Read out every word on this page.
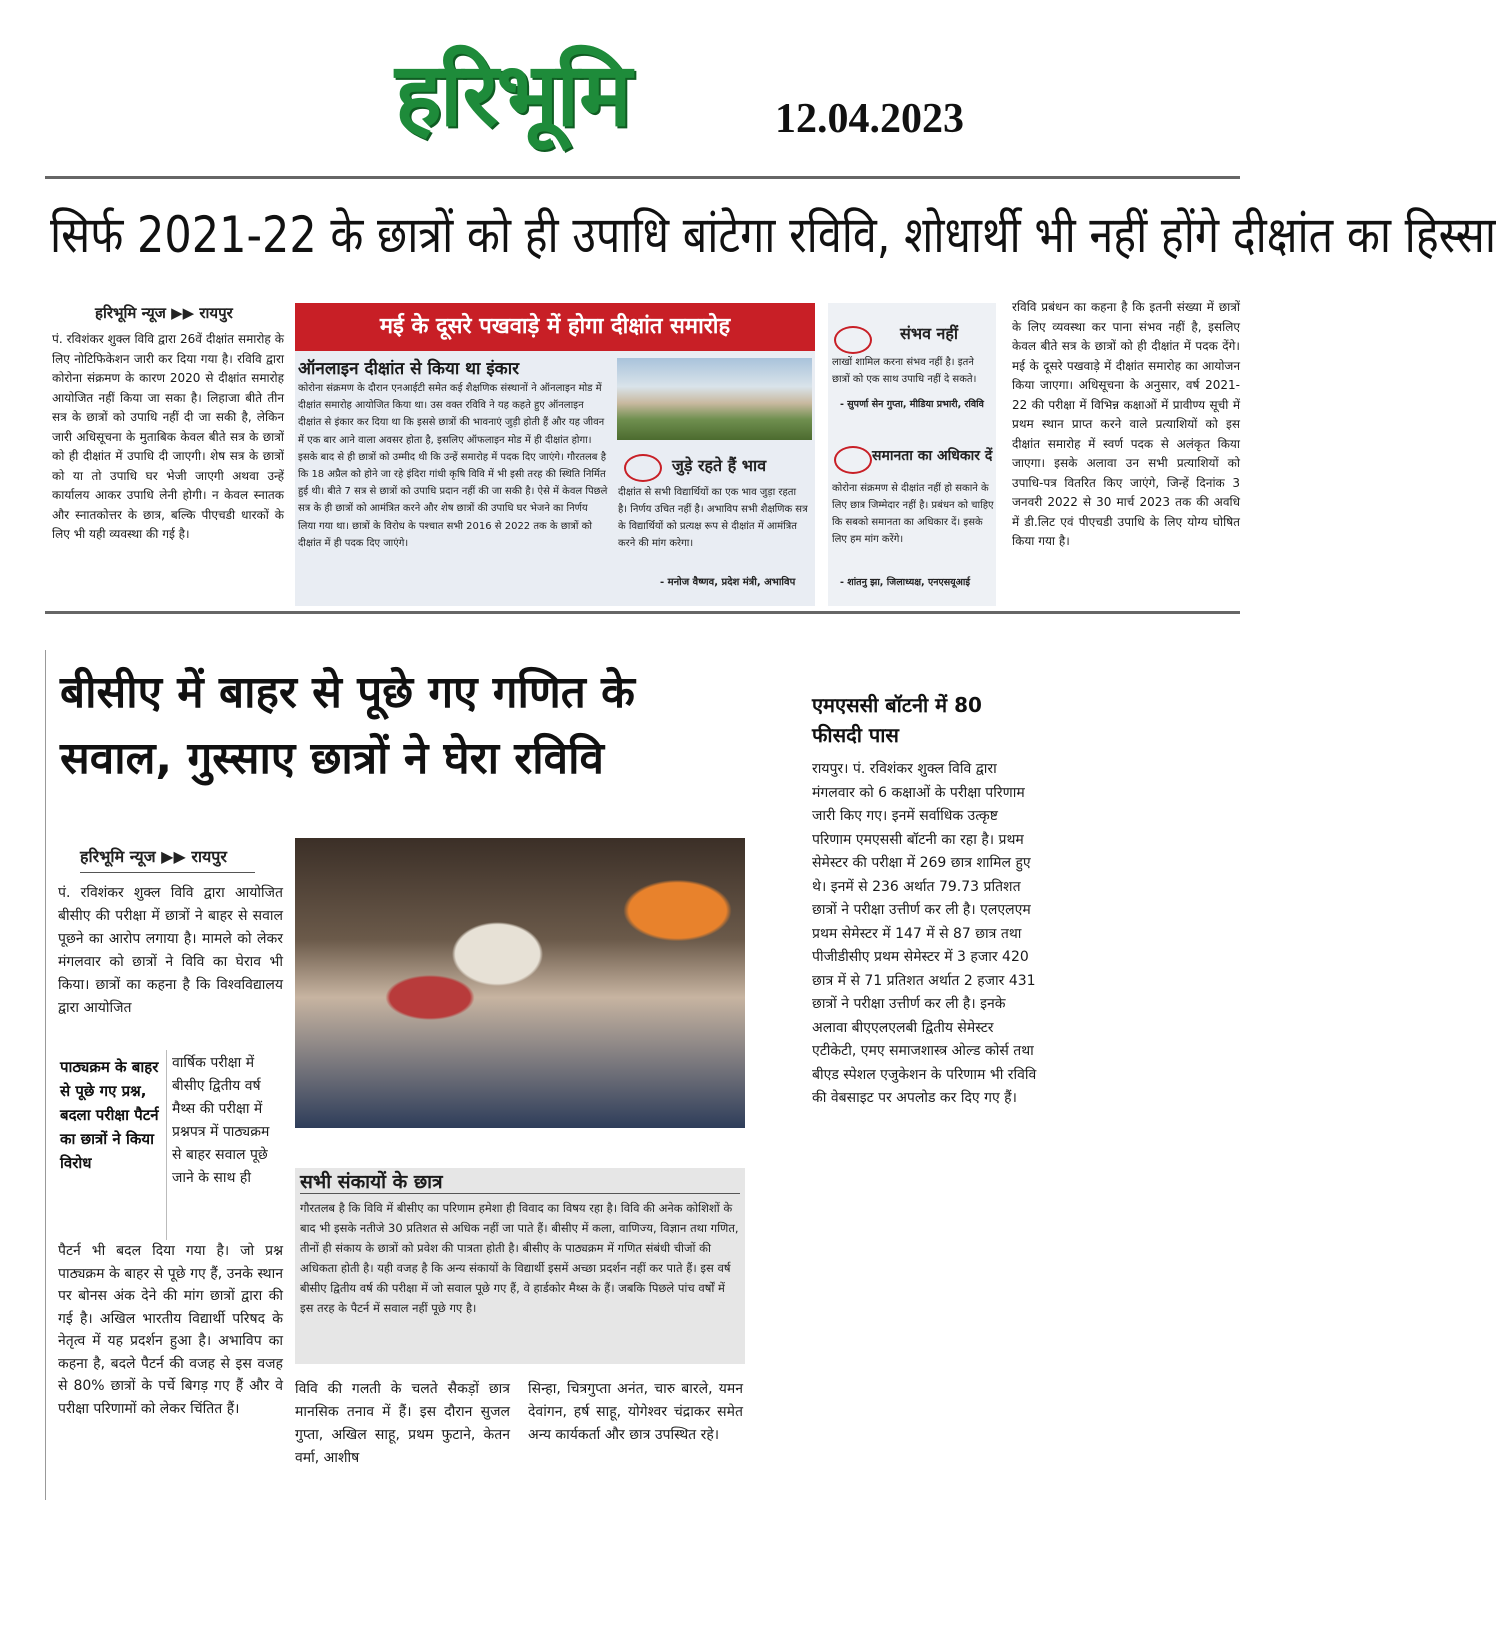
हरिभूमि	12.04.2023
सिर्फ 2021-22 के छात्रों को ही उपाधि बांटेगा रविवि, शोधार्थी भी नहीं होंगे दीक्षांत का हिस्सा
हरिभूमि न्यूज ▶▶ रायपुर
पं. रविशंकर शुक्ल विवि द्वारा 26वें दीक्षांत समारोह के लिए नोटिफिकेशन जारी कर दिया गया है। रविवि द्वारा कोरोना संक्रमण के कारण 2020 से दीक्षांत समारोह आयोजित नहीं किया जा सका है। लिहाजा बीते तीन सत्र के छात्रों को उपाधि नहीं दी जा सकी है, लेकिन जारी अधिसूचना के मुताबिक केवल बीते सत्र के छात्रों को ही दीक्षांत में उपाधि दी जाएगी। शेष सत्र के छात्रों को या तो उपाधि घर भेजी जाएगी अथवा उन्हें कार्यालय आकर उपाधि लेनी होगी। न केवल स्नातक और स्नातकोत्तर के छात्र, बल्कि पीएचडी धारकों के लिए भी यही व्यवस्था की गई है।
मई के दूसरे पखवाड़े में होगा दीक्षांत समारोह
ऑनलाइन दीक्षांत से किया था इंकार
कोरोना संक्रमण के दौरान एनआईटी समेत कई शैक्षणिक संस्थानों ने ऑनलाइन मोड में दीक्षांत समारोह आयोजित किया था। उस वक्त रविवि ने यह कहते हुए ऑनलाइन दीक्षांत से इंकार कर दिया था कि इससे छात्रों की भावनाएं जुड़ी होती हैं और यह जीवन में एक बार आने वाला अवसर होता है, इसलिए ऑफलाइन मोड में ही दीक्षांत होगा। इसके बाद से ही छात्रों को उम्मीद थी कि उन्हें समारोह में पदक दिए जाएंगे। गौरतलब है कि 18 अप्रैल को होने जा रहे इंदिरा गांधी कृषि विवि में भी इसी तरह की स्थिति निर्मित हुई थी। बीते 7 सत्र से छात्रों को उपाधि प्रदान नहीं की जा सकी है। ऐसे में केवल पिछले सत्र के ही छात्रों को आमंत्रित करने और शेष छात्रों की उपाधि घर भेजने का निर्णय लिया गया था। छात्रों के विरोध के पश्चात सभी 2016 से 2022 तक के छात्रों को दीक्षांत में ही पदक दिए जाएंगे।
जुड़े रहते हैं भाव
दीक्षांत से सभी विद्यार्थियों का एक भाव जुड़ा रहता है। निर्णय उचित नहीं है। अभाविप सभी शैक्षणिक सत्र के विद्यार्थियों को प्रत्यक्ष रूप से दीक्षांत में आमंत्रित करने की मांग करेगा।
- मनोज वैष्णव, प्रदेश मंत्री, अभाविप
संभव नहीं
लाखों शामिल करना संभव नहीं है। इतने छात्रों को एक साथ उपाधि नहीं दे सकते।
- सुपर्णा सेन गुप्ता, मीडिया प्रभारी, रविवि
समानता का अधिकार दें
कोरोना संक्रमण से दीक्षांत नहीं हो सकाने के लिए छात्र जिम्मेदार नहीं है। प्रबंधन को चाहिए कि सबको समानता का अधिकार दें। इसके लिए हम मांग करेंगे।
- शांतनु झा, जिलाध्यक्ष, एनएसयूआई
रविवि प्रबंधन का कहना है कि इतनी संख्या में छात्रों के लिए व्यवस्था कर पाना संभव नहीं है, इसलिए केवल बीते सत्र के छात्रों को ही दीक्षांत में पदक देंगे। मई के दूसरे पखवाड़े में दीक्षांत समारोह का आयोजन किया जाएगा। अधिसूचना के अनुसार, वर्ष 2021-22 की परीक्षा में विभिन्न कक्षाओं में प्रावीण्य सूची में प्रथम स्थान प्राप्त करने वाले प्रत्याशियों को इस दीक्षांत समारोह में स्वर्ण पदक से अलंकृत किया जाएगा। इसके अलावा उन सभी प्रत्याशियों को उपाधि-पत्र वितरित किए जाएंगे, जिन्हें दिनांक 3 जनवरी 2022 से 30 मार्च 2023 तक की अवधि में डी.लिट एवं पीएचडी उपाधि के लिए योग्य घोषित किया गया है।
बीसीए में बाहर से पूछे गए गणित के
सवाल, गुस्साए छात्रों ने घेरा रविवि
हरिभूमि न्यूज ▶▶ रायपुर
पं. रविशंकर शुक्ल विवि द्वारा आयोजित बीसीए की परीक्षा में छात्रों ने बाहर से सवाल पूछने का आरोप लगाया है। मामले को लेकर मंगलवार को छात्रों ने विवि का घेराव भी किया। छात्रों का कहना है कि विश्वविद्यालय द्वारा आयोजित
पाठ्यक्रम के बाहर से पूछे गए प्रश्न, बदला परीक्षा पैटर्न का छात्रों ने किया विरोध
वार्षिक परीक्षा में बीसीए द्वितीय वर्ष मैथ्स की परीक्षा में प्रश्नपत्र में पाठ्यक्रम से बाहर सवाल पूछे जाने के साथ ही
पैटर्न भी बदल दिया गया है। जो प्रश्न पाठ्यक्रम के बाहर से पूछे गए हैं, उनके स्थान पर बोनस अंक देने की मांग छात्रों द्वारा की गई है। अखिल भारतीय विद्यार्थी परिषद के नेतृत्व में यह प्रदर्शन हुआ है। अभाविप का कहना है, बदले पैटर्न की वजह से इस वजह से 80% छात्रों के पर्चे बिगड़ गए हैं और वे परीक्षा परिणामों को लेकर चिंतित हैं।
सभी संकायों के छात्र
गौरतलब है कि विवि में बीसीए का परिणाम हमेशा ही विवाद का विषय रहा है। विवि की अनेक कोशिशों के बाद भी इसके नतीजे 30 प्रतिशत से अधिक नहीं जा पाते हैं। बीसीए में कला, वाणिज्य, विज्ञान तथा गणित, तीनों ही संकाय के छात्रों को प्रवेश की पात्रता होती है। बीसीए के पाठ्यक्रम में गणित संबंधी चीजों की अधिकता होती है। यही वजह है कि अन्य संकायों के विद्यार्थी इसमें अच्छा प्रदर्शन नहीं कर पाते हैं। इस वर्ष बीसीए द्वितीय वर्ष की परीक्षा में जो सवाल पूछे गए हैं, वे हार्डकोर मैथ्स के हैं। जबकि पिछले पांच वर्षों में इस तरह के पैटर्न में सवाल नहीं पूछे गए है।
विवि की गलती के चलते सैकड़ों छात्र मानसिक तनाव में हैं। इस दौरान सुजल गुप्ता, अखिल साहू, प्रथम फुटाने, केतन वर्मा, आशीष
सिन्हा, चित्रगुप्ता अनंत, चारु बारले, यमन देवांगन, हर्ष साहू, योगेश्वर चंद्राकर समेत अन्य कार्यकर्ता और छात्र उपस्थित रहे।
एमएससी बॉटनी में 80 फीसदी पास
रायपुर। पं. रविशंकर शुक्ल विवि द्वारा मंगलवार को 6 कक्षाओं के परीक्षा परिणाम जारी किए गए। इनमें सर्वाधिक उत्कृष्ट परिणाम एमएससी बॉटनी का रहा है। प्रथम सेमेस्टर की परीक्षा में 269 छात्र शामिल हुए थे। इनमें से 236 अर्थात 79.73 प्रतिशत छात्रों ने परीक्षा उत्तीर्ण कर ली है। एलएलएम प्रथम सेमेस्टर में 147 में से 87 छात्र तथा पीजीडीसीए प्रथम सेमेस्टर में 3 हजार 420 छात्र में से 71 प्रतिशत अर्थात 2 हजार 431 छात्रों ने परीक्षा उत्तीर्ण कर ली है। इनके अलावा बीएएलएलबी द्वितीय सेमेस्टर एटीकेटी, एमए समाजशास्त्र ओल्ड कोर्स तथा बीएड स्पेशल एजुकेशन के परिणाम भी रविवि की वेबसाइट पर अपलोड कर दिए गए हैं।
